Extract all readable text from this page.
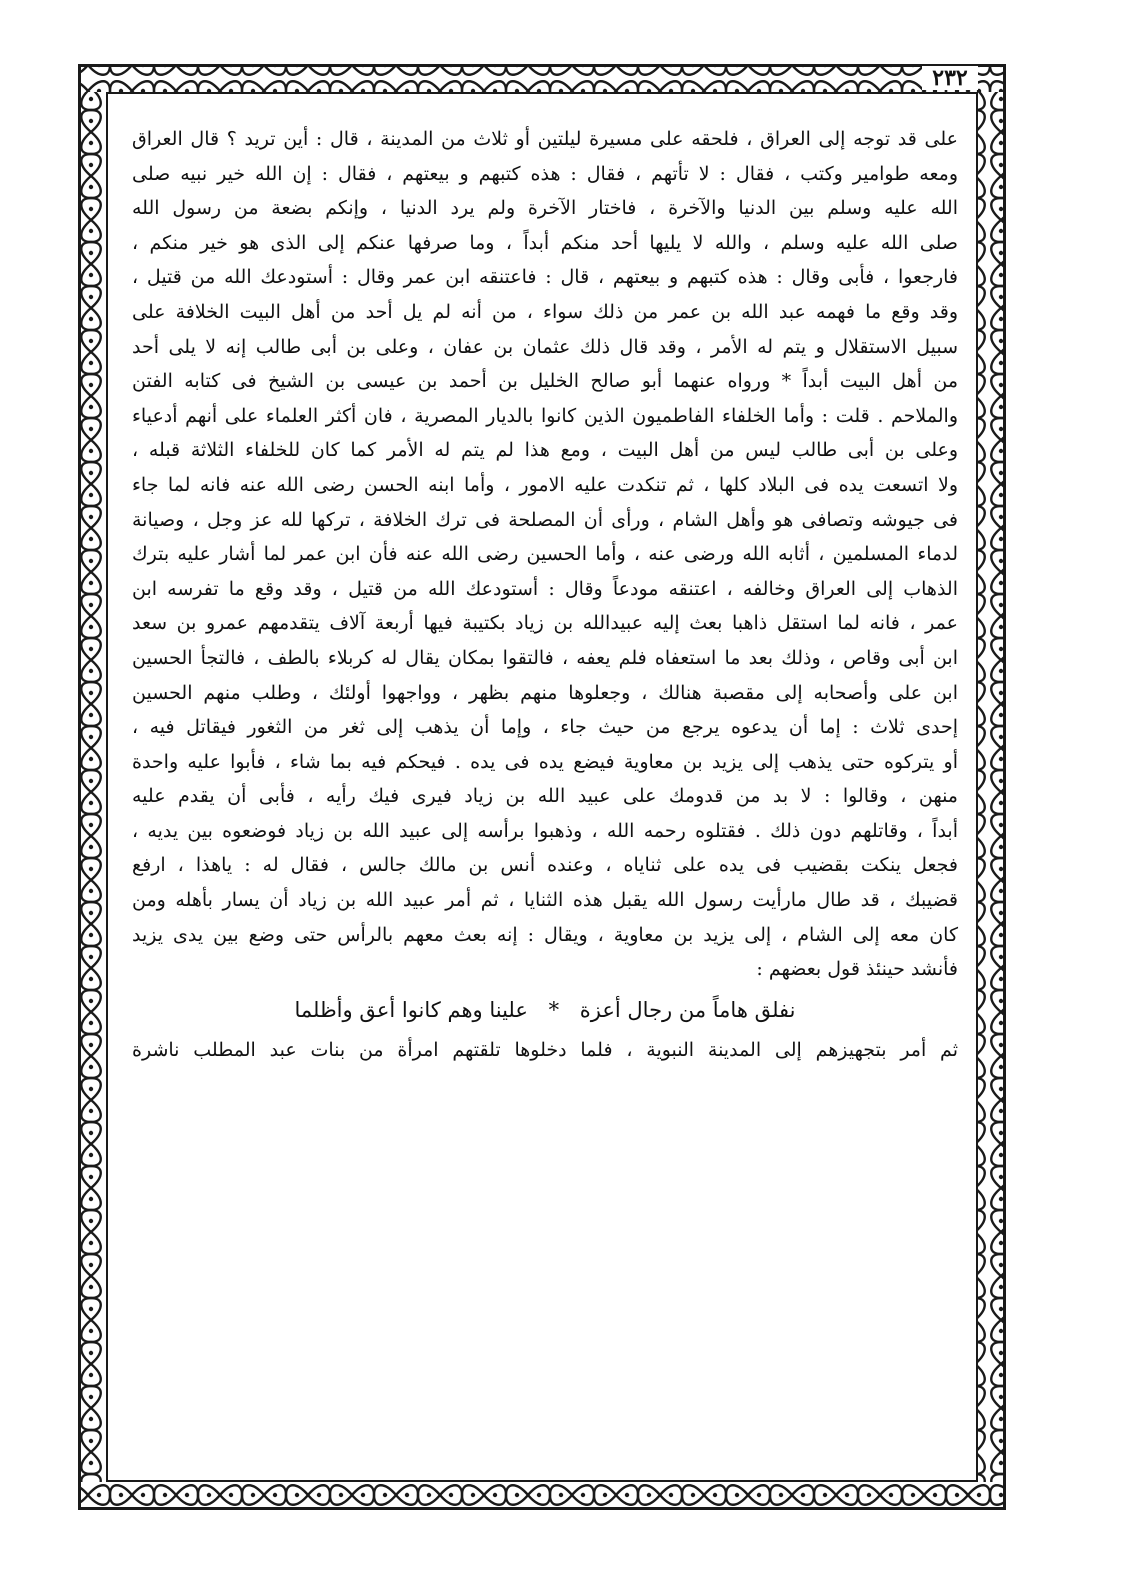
٢٣٢
على قد توجه إلى العراق ، فلحقه على مسيرة ليلتين أو ثلاث من المدينة ، قال : أين تريد ؟ قال العراق
ومعه طوامير وكتب ، فقال : لا تأتهم ، فقال : هذه كتبهم و بيعتهم ، فقال : إن الله خير نبيه صلى
الله عليه وسلم بين الدنيا والآخرة ، فاختار الآخرة ولم يرد الدنيا ، وإنكم بضعة من رسول الله
صلى الله عليه وسلم ، والله لا يليها أحد منكم أبداً ، وما صرفها عنكم إلى الذى هو خير منكم ،
فارجعوا ، فأبى وقال : هذه كتبهم و بيعتهم ، قال : فاعتنقه ابن عمر وقال : أستودعك الله من قتيل ،
وقد وقع ما فهمه عبد الله بن عمر من ذلك سواء ، من أنه لم يل أحد من أهل البيت الخلافة على
سبيل الاستقلال و يتم له الأمر ، وقد قال ذلك عثمان بن عفان ، وعلى بن أبى طالب إنه لا يلى أحد
من أهل البيت أبداً * ورواه عنهما أبو صالح الخليل بن أحمد بن عيسى بن الشيخ فى كتابه الفتن
والملاحم . قلت : وأما الخلفاء الفاطميون الذين كانوا بالديار المصرية ، فان أكثر العلماء على أنهم أدعياء
وعلى بن أبى طالب ليس من أهل البيت ، ومع هذا لم يتم له الأمر كما كان للخلفاء الثلاثة قبله ،
ولا اتسعت يده فى البلاد كلها ، ثم تنكدت عليه الامور ، وأما ابنه الحسن رضى الله عنه فانه لما جاء
فى جيوشه وتصافى هو وأهل الشام ، ورأى أن المصلحة فى ترك الخلافة ، تركها لله عز وجل ، وصيانة
لدماء المسلمين ، أثابه الله ورضى عنه ، وأما الحسين رضى الله عنه فأن ابن عمر لما أشار عليه بترك
الذهاب إلى العراق وخالفه ، اعتنقه مودعاً وقال : أستودعك الله من قتيل ، وقد وقع ما تفرسه ابن
عمر ، فانه لما استقل ذاهبا بعث إليه عبيدالله بن زياد بكتيبة فيها أربعة آلاف يتقدمهم عمرو بن سعد
ابن أبى وقاص ، وذلك بعد ما استعفاه فلم يعفه ، فالتقوا بمكان يقال له كربلاء بالطف ، فالتجأ الحسين
ابن على وأصحابه إلى مقصبة هنالك ، وجعلوها منهم بظهر ، وواجهوا أولئك ، وطلب منهم الحسين
إحدى ثلاث : إما أن يدعوه يرجع من حيث جاء ، وإما أن يذهب إلى ثغر من الثغور فيقاتل فيه ،
أو يتركوه حتى يذهب إلى يزيد بن معاوية فيضع يده فى يده . فيحكم فيه بما شاء ، فأبوا عليه واحدة
منهن ، وقالوا : لا بد من قدومك على عبيد الله بن زياد فيرى فيك رأيه ، فأبى أن يقدم عليه
أبداً ، وقاتلهم دون ذلك . فقتلوه رحمه الله ، وذهبوا برأسه إلى عبيد الله بن زياد فوضعوه بين يديه ،
فجعل ينكت بقضيب فى يده على ثناياه ، وعنده أنس بن مالك جالس ، فقال له : ياهذا ، ارفع
قضيبك ، قد طال مارأيت رسول الله يقبل هذه الثنايا ، ثم أمر عبيد الله بن زياد أن يسار بأهله ومن
كان معه إلى الشام ، إلى يزيد بن معاوية ، ويقال : إنه بعث معهم بالرأس حتى وضع بين يدى يزيد
فأنشد حينئذ قول بعضهم :
نفلق هاماً من رجال أعزة * علينا وهم كانوا أعق وأظلما
ثم أمر بتجهيزهم إلى المدينة النبوية ، فلما دخلوها تلقتهم امرأة من بنات عبد المطلب ناشرة
